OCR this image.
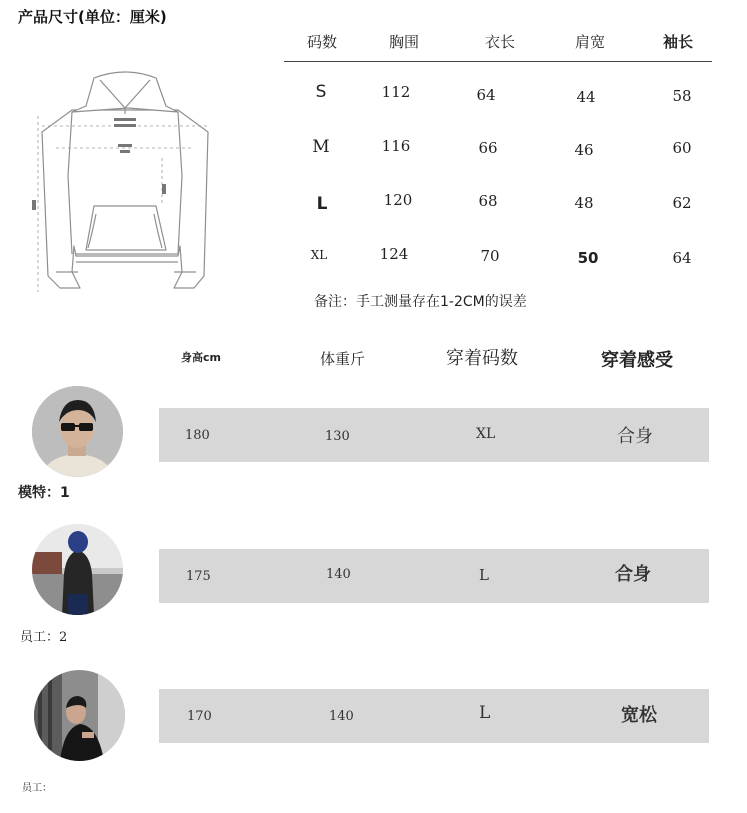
产品尺寸(单位：厘米)
码数	胸围	衣长	肩宽	袖长
S	112	64	44	58
M	116	66	46	60
L	120	68	48	62
XL	124	70	50	64
备注：手工测量存在1-2CM的误差
身高cm	体重斤	穿着码数	穿着感受
模特：1
180	130	XL	合身
员工：2
175	140	L	合身
员工：
170	140	L	宽松
